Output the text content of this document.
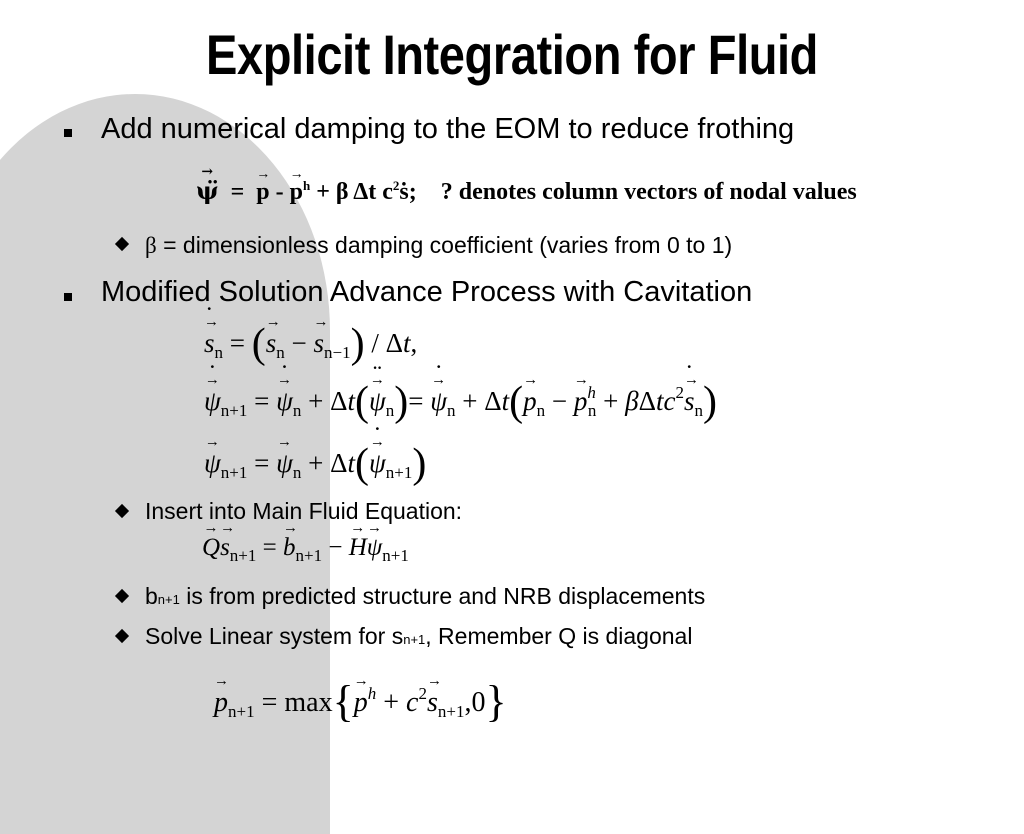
Explicit Integration for Fluid
Add numerical damping to the EOM to reduce frothing
→ ψ̈  =  → p - → $p^h + \beta$ Δt $c^2ṡ$;    ? denotes column vectors of nodal values
β = dimensionless damping coefficient (varies from 0 to 1)
Modified Solution Advance Process with Cavitation
→ s $˙_n$ = (→ $s_n$ − → $s_{n-1}$) / Δt,
→ ψ $˙_{n+1}$ = → ψ $˙_n + \Delta t(\to \psi$ $¨_n)= \to \psi$ $˙_n + \Delta t(\to p_n$ − → $p^h_n + \beta\Delta tc^2\to s$ $˙_n$)
→ $\psi_{n+1}$ = → $\psi_n + \Delta t(\to \psi$ $˙_{n+1}$)
Insert into Main Fluid Equation:
→ $Q\to s_{n+1}$ = → $b_{n+1}$ − → $H\to \psi_{n+1}$
bn+1 is from predicted structure and NRB displacements
Solve Linear system for sn+1, Remember Q is diagonal
→ $p_{n+1} = \max\{\to p^h + c^2\to s_{n+1},0\}$
